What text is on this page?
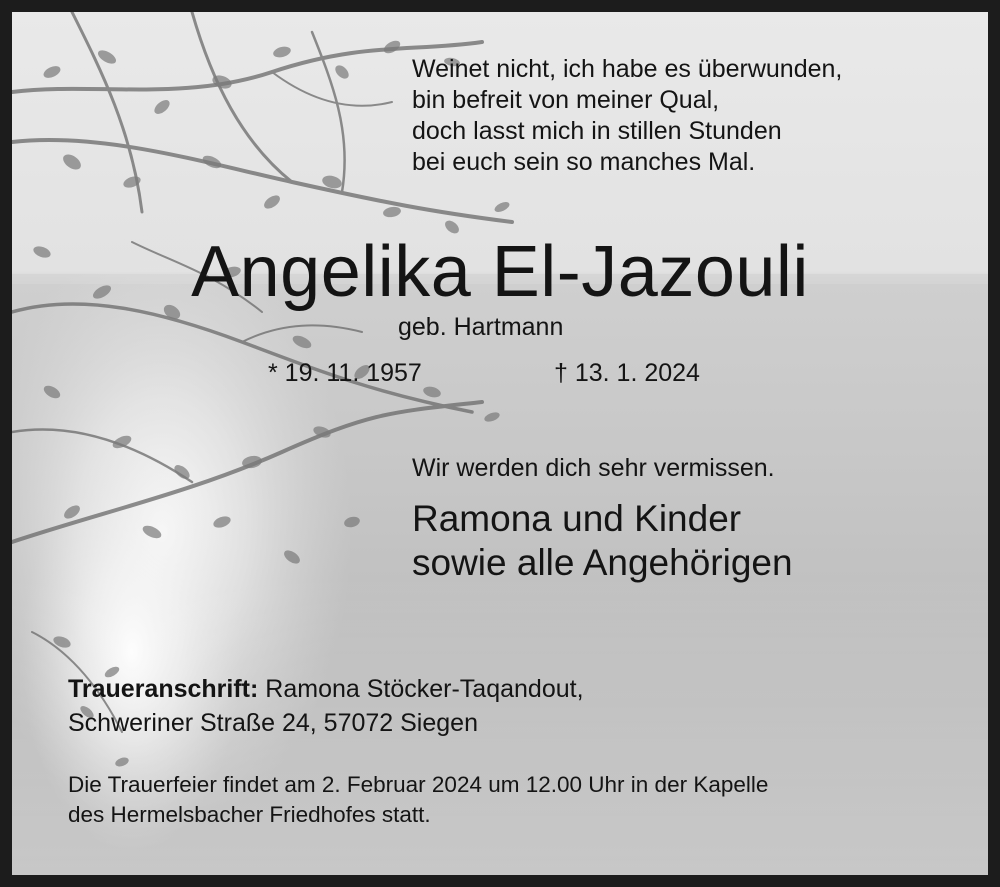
Weinet nicht, ich habe es überwunden,
bin befreit von meiner Qual,
doch lasst mich in stillen Stunden
bei euch sein so manches Mal.
Angelika El-Jazouli
geb. Hartmann
* 19. 11. 1957	† 13. 1. 2024
Wir werden dich sehr vermissen.
Ramona und Kinder
sowie alle Angehörigen
Traueranschrift: Ramona Stöcker-Taqandout,
Schweriner Straße 24, 57072 Siegen
Die Trauerfeier findet am 2. Februar 2024 um 12.00 Uhr in der Kapelle
des Hermelsbacher Friedhofes statt.
